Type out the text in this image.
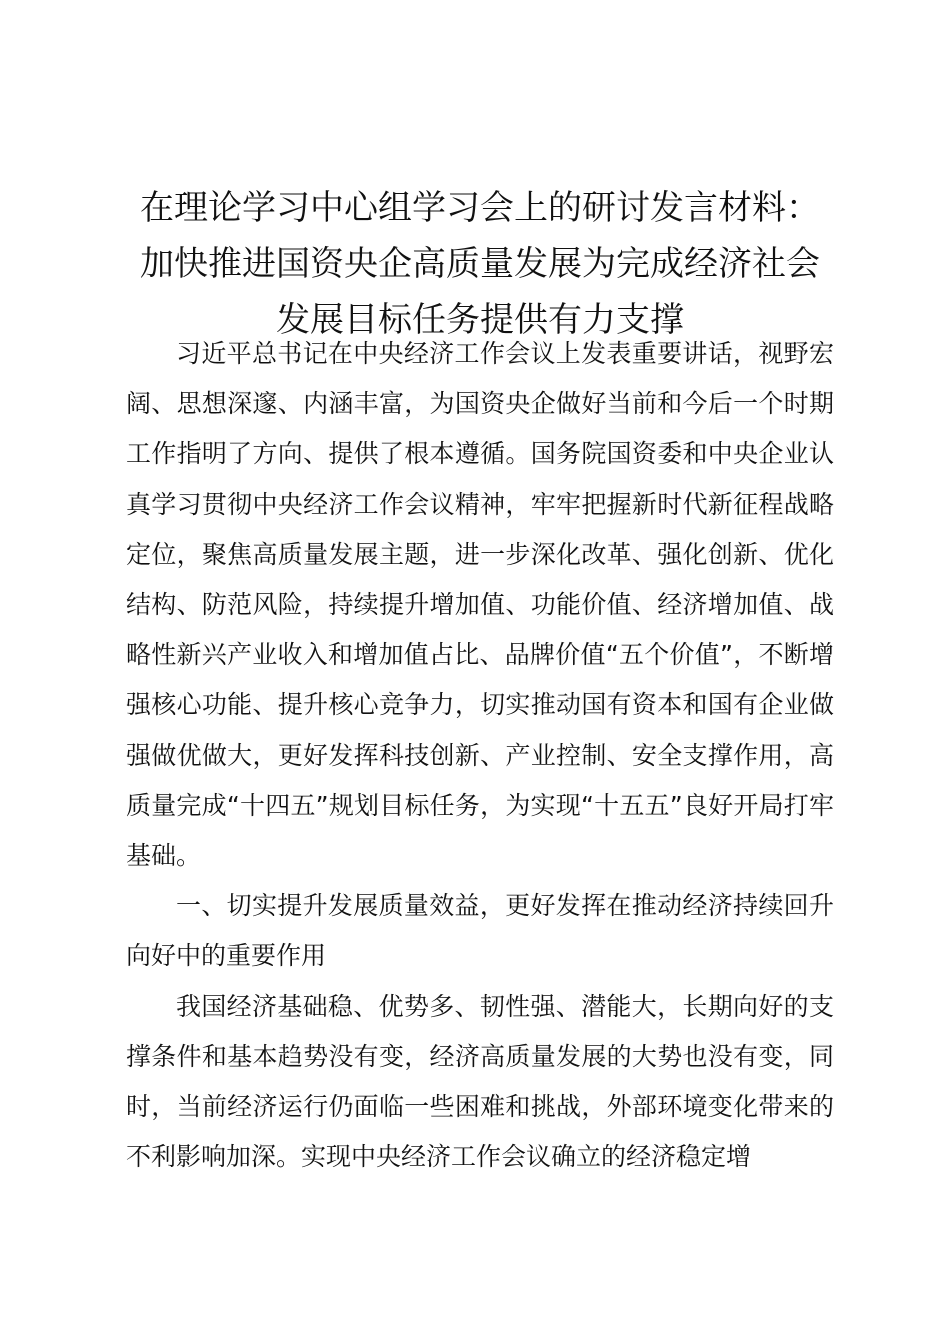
在理论学习中心组学习会上的研讨发言材料：
加快推进国资央企高质量发展为完成经济社会
发展目标任务提供有力支撑

习近平总书记在中央经济工作会议上发表重要讲话，视野宏阔、思想深邃、内涵丰富，为国资央企做好当前和今后一个时期工作指明了方向、提供了根本遵循。国务院国资委和中央企业认真学习贯彻中央经济工作会议精神，牢牢把握新时代新征程战略定位，聚焦高质量发展主题，进一步深化改革、强化创新、优化结构、防范风险，持续提升增加值、功能价值、经济增加值、战略性新兴产业收入和增加值占比、品牌价值“五个价值”，不断增强核心功能、提升核心竞争力，切实推动国有资本和国有企业做强做优做大，更好发挥科技创新、产业控制、安全支撑作用，高质量完成“十四五”规划目标任务，为实现“十五五”良好开局打牢基础。

一、切实提升发展质量效益，更好发挥在推动经济持续回升向好中的重要作用

我国经济基础稳、优势多、韧性强、潜能大，长期向好的支撑条件和基本趋势没有变，经济高质量发展的大势也没有变，同时，当前经济运行仍面临一些困难和挑战，外部环境变化带来的不利影响加深。实现中央经济工作会议确立的经济稳定增
